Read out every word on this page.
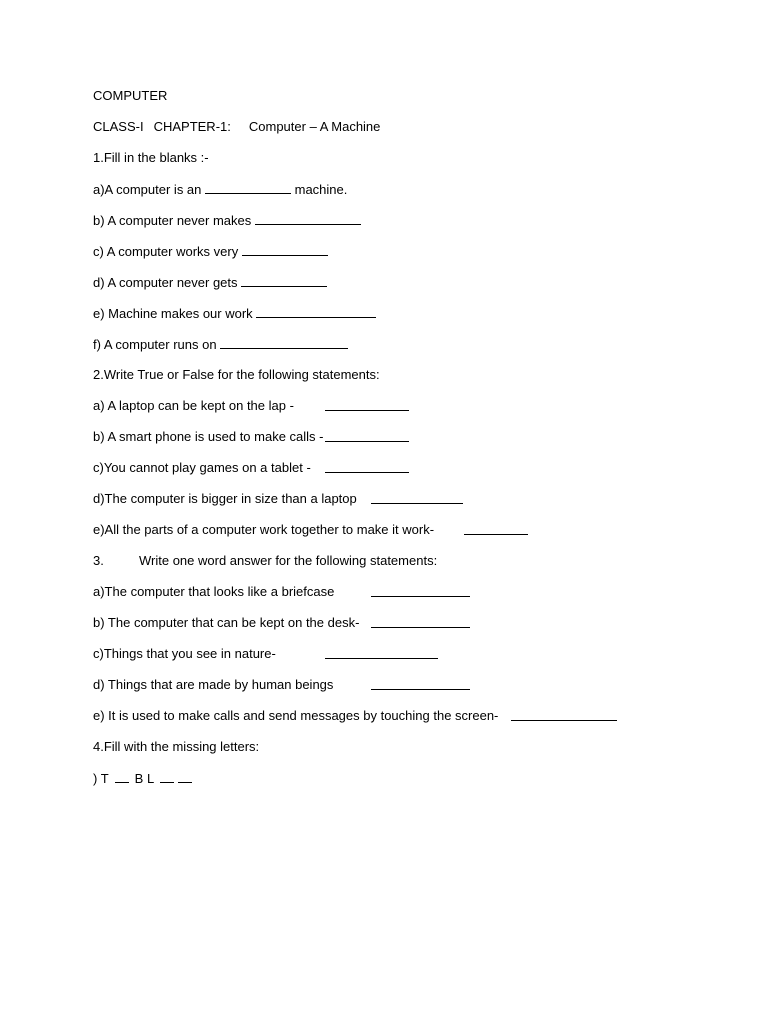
COMPUTER
CLASS-I CHAPTER-1: Computer – A Machine
1.Fill in the blanks :-
a)A computer is an	machine.
b) A computer never makes
c) A computer works very
d) A computer never gets
e) Machine makes our work
f) A computer runs on
2.Write True or False for the following statements:
a) A laptop can be kept on the lap -
b) A smart phone is used to make calls -
c)You cannot play games on a tablet -
d)The computer is bigger in size than a laptop
e)All the parts of a computer work together to make it work-
3.	Write one word answer for the following statements:
a)The computer that looks like a briefcase
b) The computer that can be kept on the desk-
c)Things that you see in nature-
d) Things that are made by human beings
e) It is used to make calls and send messages by touching the screen-
4.Fill with the missing letters:
) T B L
